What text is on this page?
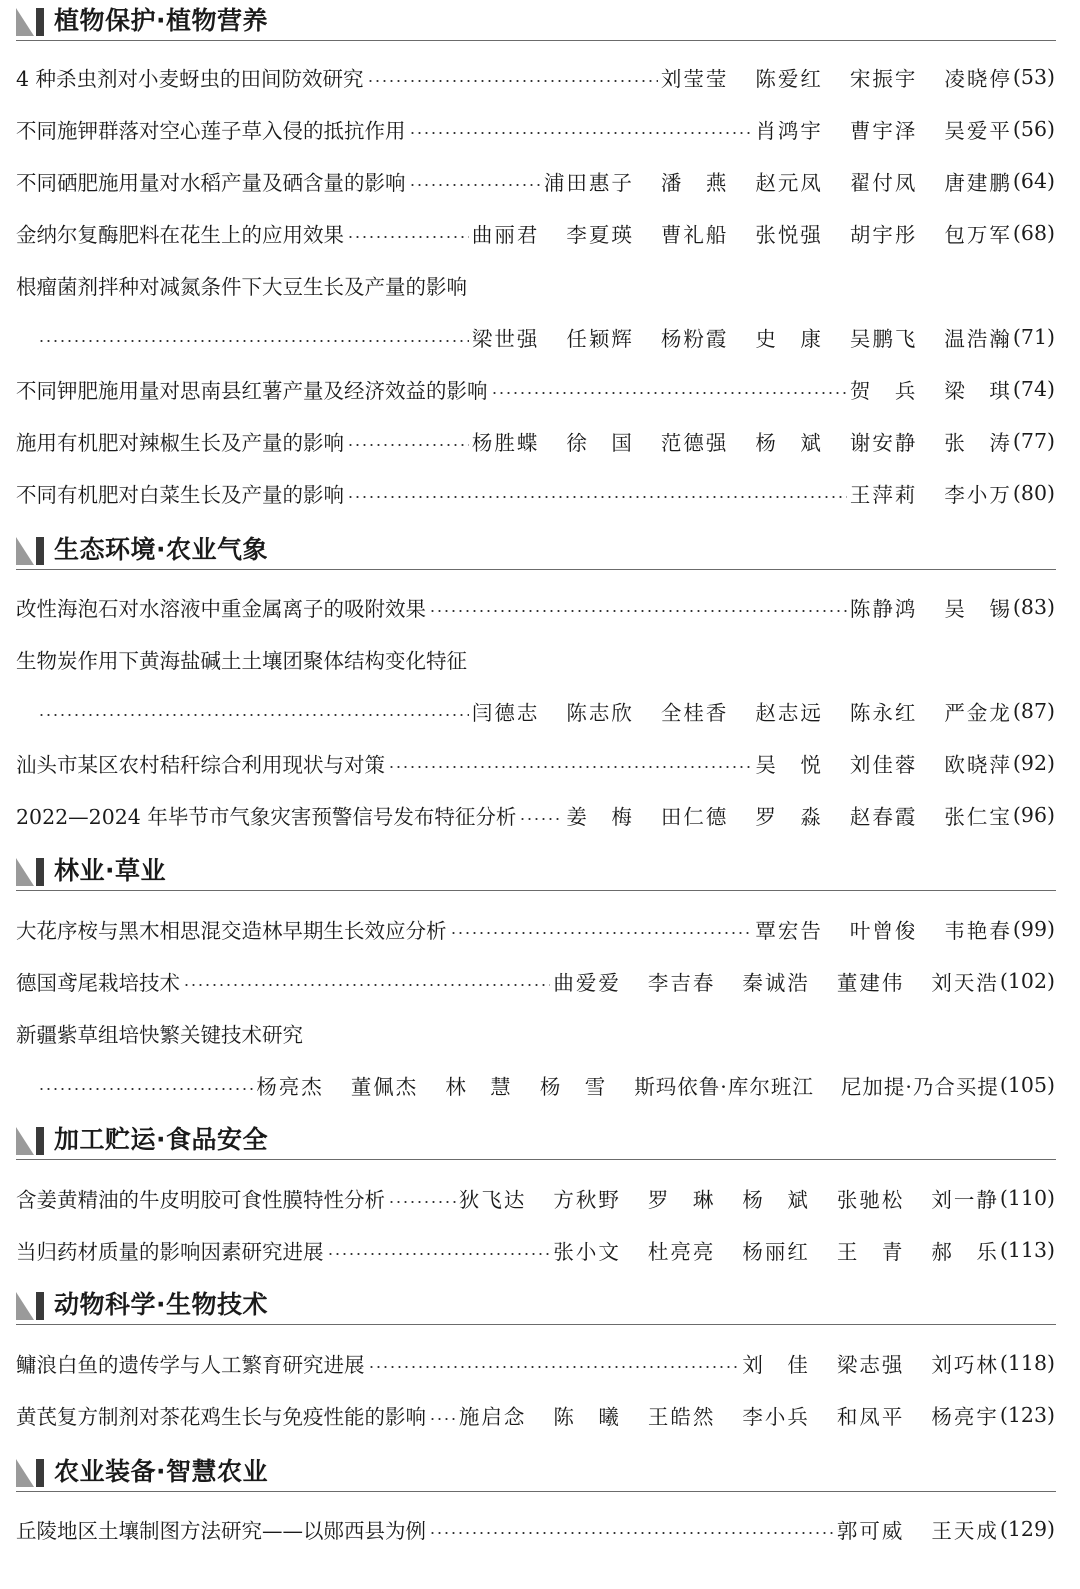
植物保护·植物营养
4 种杀虫剂对小麦蚜虫的田间防效研究	刘莹莹 陈爱红 宋振宇 凌晓停 (53)
不同施钾群落对空心莲子草入侵的抵抗作用	肖鸿宇 曹宇泽 吴爱平 (56)
不同硒肥施用量对水稻产量及硒含量的影响	浦田惠子 潘　燕 赵元凤 翟付凤 唐建鹏 (64)
金纳尔复酶肥料在花生上的应用效果	曲丽君 李夏瑛 曹礼船 张悦强 胡宇彤 包万军 (68)
根瘤菌剂拌种对减氮条件下大豆生长及产量的影响
梁世强 任颖辉 杨粉霞 史　康 吴鹏飞 温浩瀚 (71)
不同钾肥施用量对思南县红薯产量及经济效益的影响	贺　兵 梁　琪 (74)
施用有机肥对辣椒生长及产量的影响	杨胜蝶 徐　国 范德强 杨　斌 谢安静 张　涛 (77)
不同有机肥对白菜生长及产量的影响	王萍莉 李小万 (80)
生态环境·农业气象
改性海泡石对水溶液中重金属离子的吸附效果	陈静鸿 吴　锡 (83)
生物炭作用下黄海盐碱土土壤团聚体结构变化特征
闫德志 陈志欣 全桂香 赵志远 陈永红 严金龙 (87)
汕头市某区农村秸秆综合利用现状与对策	吴　悦 刘佳蓉 欧晓萍 (92)
2022—2024 年毕节市气象灾害预警信号发布特征分析 姜　梅 田仁德 罗　淼 赵春霞 张仁宝 (96)
林业·草业
大花序桉与黑木相思混交造林早期生长效应分析	覃宏告 叶曾俊 韦艳春 (99)
德国鸢尾栽培技术	曲爱爱 李吉春 秦诚浩 董建伟 刘天浩 (102)
新疆紫草组培快繁关键技术研究
杨亮杰 董佩杰 林　慧 杨　雪 斯玛依鲁·库尔班江 尼加提·乃合买提 (105)
加工贮运·食品安全
含姜黄精油的牛皮明胶可食性膜特性分析	狄飞达 方秋野 罗　琳 杨　斌 张驰松 刘一静 (110)
当归药材质量的影响因素研究进展	张小文 杜亮亮 杨丽红 王　青 郝　乐 (113)
动物科学·生物技术
鳙浪白鱼的遗传学与人工繁育研究进展	刘　佳 梁志强 刘巧林 (118)
黄芪复方制剂对茶花鸡生长与免疫性能的影响 施启念 陈　曦 王皓然 李小兵 和凤平 杨亮宇 (123)
农业装备·智慧农业
丘陵地区土壤制图方法研究——以郧西县为例	郭可威 王天成 (129)
